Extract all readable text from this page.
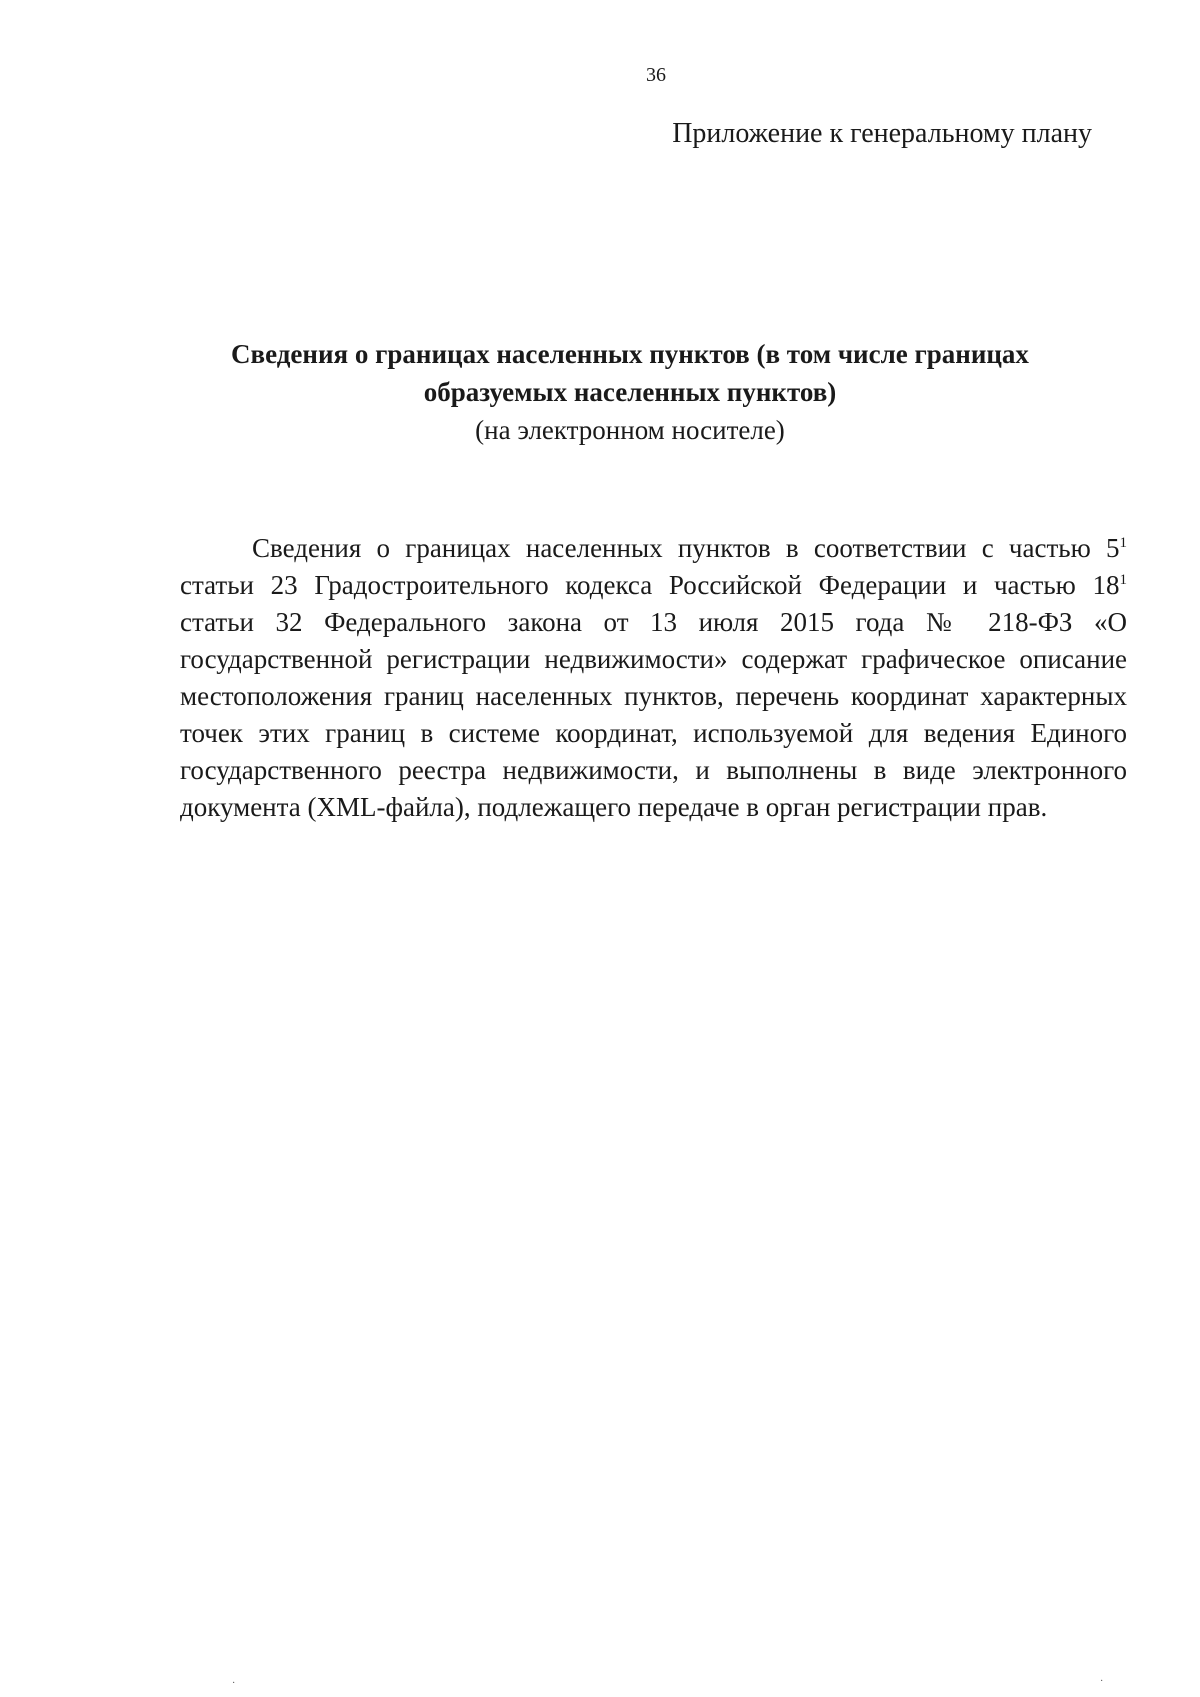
36
Приложение к генеральному плану

Сведения о границах населенных пунктов (в том числе границах

образуемых населенных пунктов)

(на электронном носителе)

Сведения о границах населенных пунктов в соответствии с частью $5^1$ статьи 23 Градостроительного кодекса Российской Федерации и частью $18^1$ статьи 32 Федерального закона от 13 июля 2015 года № 218-ФЗ «О государственной регистрации недвижимости» содержат графическое описание местоположения границ населенных пунктов, перечень координат характерных точек этих границ в системе координат, используемой для ведения Единого государственного реестра недвижимости, и выполнены в виде электронного документа (XML-файла), подлежащего передаче в орган регистрации прав.

·	·
